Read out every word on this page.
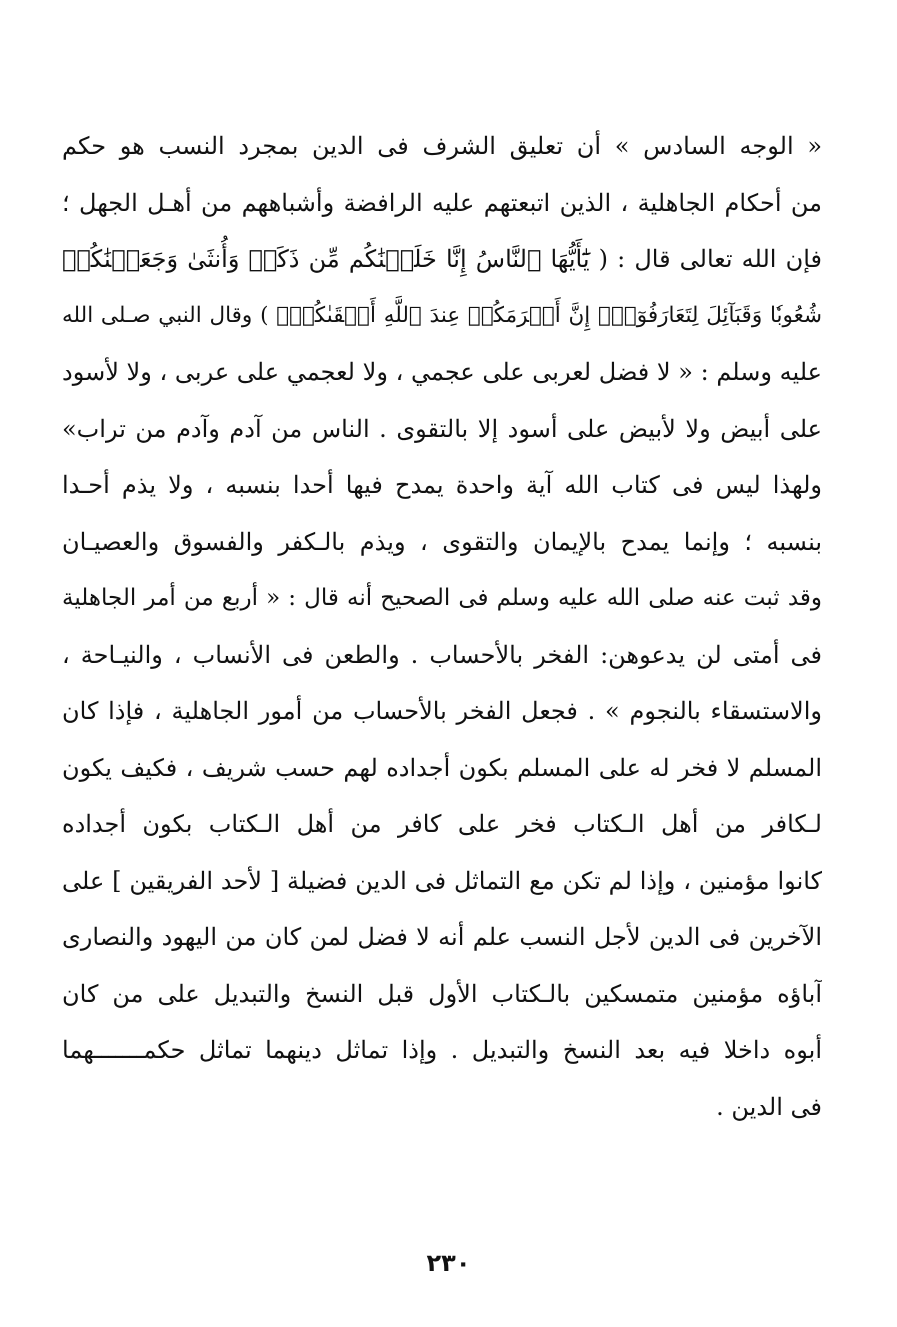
« الوجه السادس » أن تعليق الشرف فى الدين بمجرد النسب هو حكم
من أحكام الجاهلية ، الذين اتبعتهم عليه الرافضة وأشباههم من أهـل الجهل ؛
فإن الله تعالى قال : ( يَٰٓأَيُّهَا ٱلنَّاسُ إِنَّا خَلَقۡنَٰكُم مِّن ذَكَرٖ وَأُنثَىٰ وَجَعَلۡنَٰكُمۡ
شُعُوبٗا وَقَبَآئِلَ لِتَعَارَفُوٓاْۚ إِنَّ أَكۡرَمَكُمۡ عِندَ ٱللَّهِ أَتۡقَىٰكُمۡۚ ) وقال النبي صـلى الله
عليه وسلم : « لا فضل لعربى على عجمي ، ولا لعجمي على عربى ، ولا لأسود
على أبيض ولا لأبيض على أسود إلا بالتقوى . الناس من آدم وآدم من تراب»
ولهذا ليس فى كتاب الله آية واحدة يمدح فيها أحدا بنسبه ، ولا يذم أحـدا
بنسبه ؛ وإنما يمدح بالإيمان والتقوى ، ويذم بالـكفر والفسوق والعصيـان
وقد ثبت عنه صلى الله عليه وسلم فى الصحيح أنه قال : « أربع من أمر الجاهلية
فى أمتى لن يدعوهن: الفخر بالأحساب . والطعن فى الأنساب ، والنيـاحة ،
والاستسقاء بالنجوم » . فجعل الفخر بالأحساب من أمور الجاهلية ، فإذا كان
المسلم لا فخر له على المسلم بكون أجداده لهم حسب شريف ، فكيف يكون
لـكافر من أهل الـكتاب فخر على كافر من أهل الـكتاب بكون أجداده
كانوا مؤمنين ، وإذا لم تكن مع التماثل فى الدين فضيلة [ لأحد الفريقين ] على
الآخرين فى الدين لأجل النسب علم أنه لا فضل لمن كان من اليهود والنصارى
آباؤه مؤمنين متمسكين بالـكتاب الأول قبل النسخ والتبديل على من كان
أبوه داخلا فيه بعد النسخ والتبديل . وإذا تماثل دينهما تماثل حكمـــــــهما
فى الدين .
٢٣٠
